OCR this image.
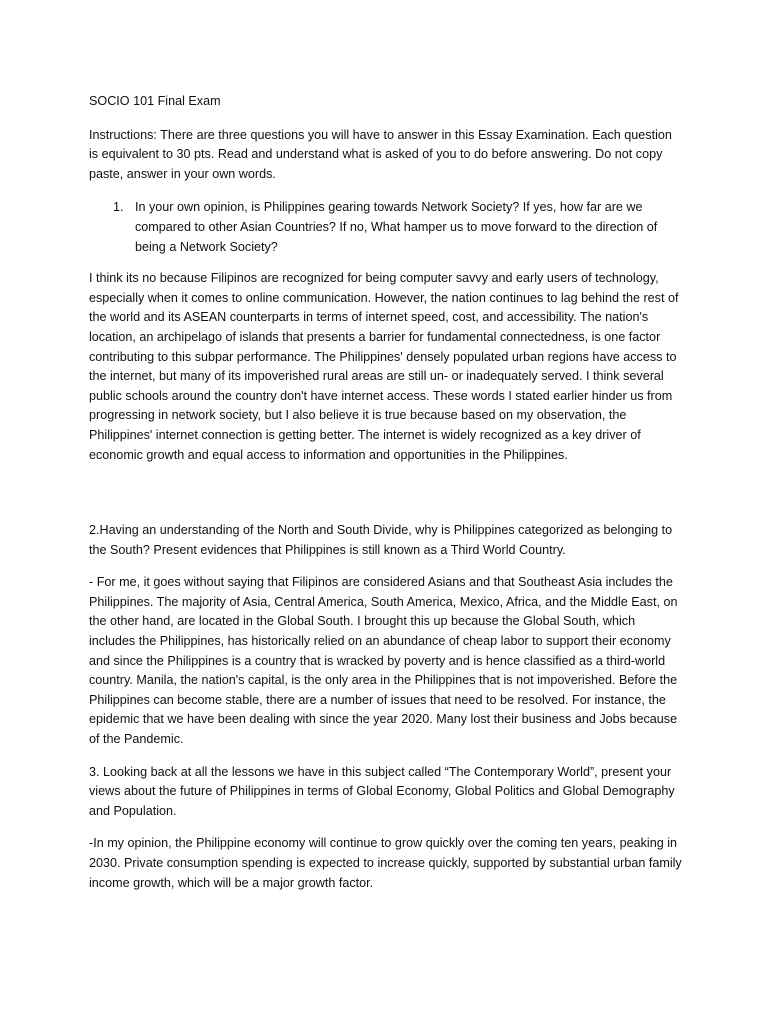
SOCIO 101 Final Exam

Instructions: There are three questions you will have to answer in this Essay Examination. Each question is equivalent to 30 pts. Read and understand what is asked of you to do before answering. Do not copy paste, answer in your own words.

1. In your own opinion, is Philippines gearing towards Network Society? If yes, how far are we compared to other Asian Countries? If no, What hamper us to move forward to the direction of being a Network Society?

I think its no because Filipinos are recognized for being computer savvy and early users of technology, especially when it comes to online communication. However, the nation continues to lag behind the rest of the world and its ASEAN counterparts in terms of internet speed, cost, and accessibility. The nation's location, an archipelago of islands that presents a barrier for fundamental connectedness, is one factor contributing to this subpar performance. The Philippines' densely populated urban regions have access to the internet, but many of its impoverished rural areas are still un- or inadequately served. I think several public schools around the country don't have internet access. These words I stated earlier hinder us from progressing in network society, but I also believe it is true because based on my observation, the Philippines' internet connection is getting better. The internet is widely recognized as a key driver of economic growth and equal access to information and opportunities in the Philippines.

2.Having an understanding of the North and South Divide, why is Philippines categorized as belonging to the South? Present evidences that Philippines is still known as a Third World Country.

- For me, it goes without saying that Filipinos are considered Asians and that Southeast Asia includes the Philippines. The majority of Asia, Central America, South America, Mexico, Africa, and the Middle East, on the other hand, are located in the Global South. I brought this up because the Global South, which includes the Philippines, has historically relied on an abundance of cheap labor to support their economy and since the Philippines is a country that is wracked by poverty and is hence classified as a third-world country. Manila, the nation's capital, is the only area in the Philippines that is not impoverished. Before the Philippines can become stable, there are a number of issues that need to be resolved. For instance, the epidemic that we have been dealing with since the year 2020. Many lost their business and Jobs because of the Pandemic.

3. Looking back at all the lessons we have in this subject called “The Contemporary World”, present your views about the future of Philippines in terms of Global Economy, Global Politics and Global Demography and Population.

-In my opinion, the Philippine economy will continue to grow quickly over the coming ten years, peaking in 2030. Private consumption spending is expected to increase quickly, supported by substantial urban family income growth, which will be a major growth factor.
